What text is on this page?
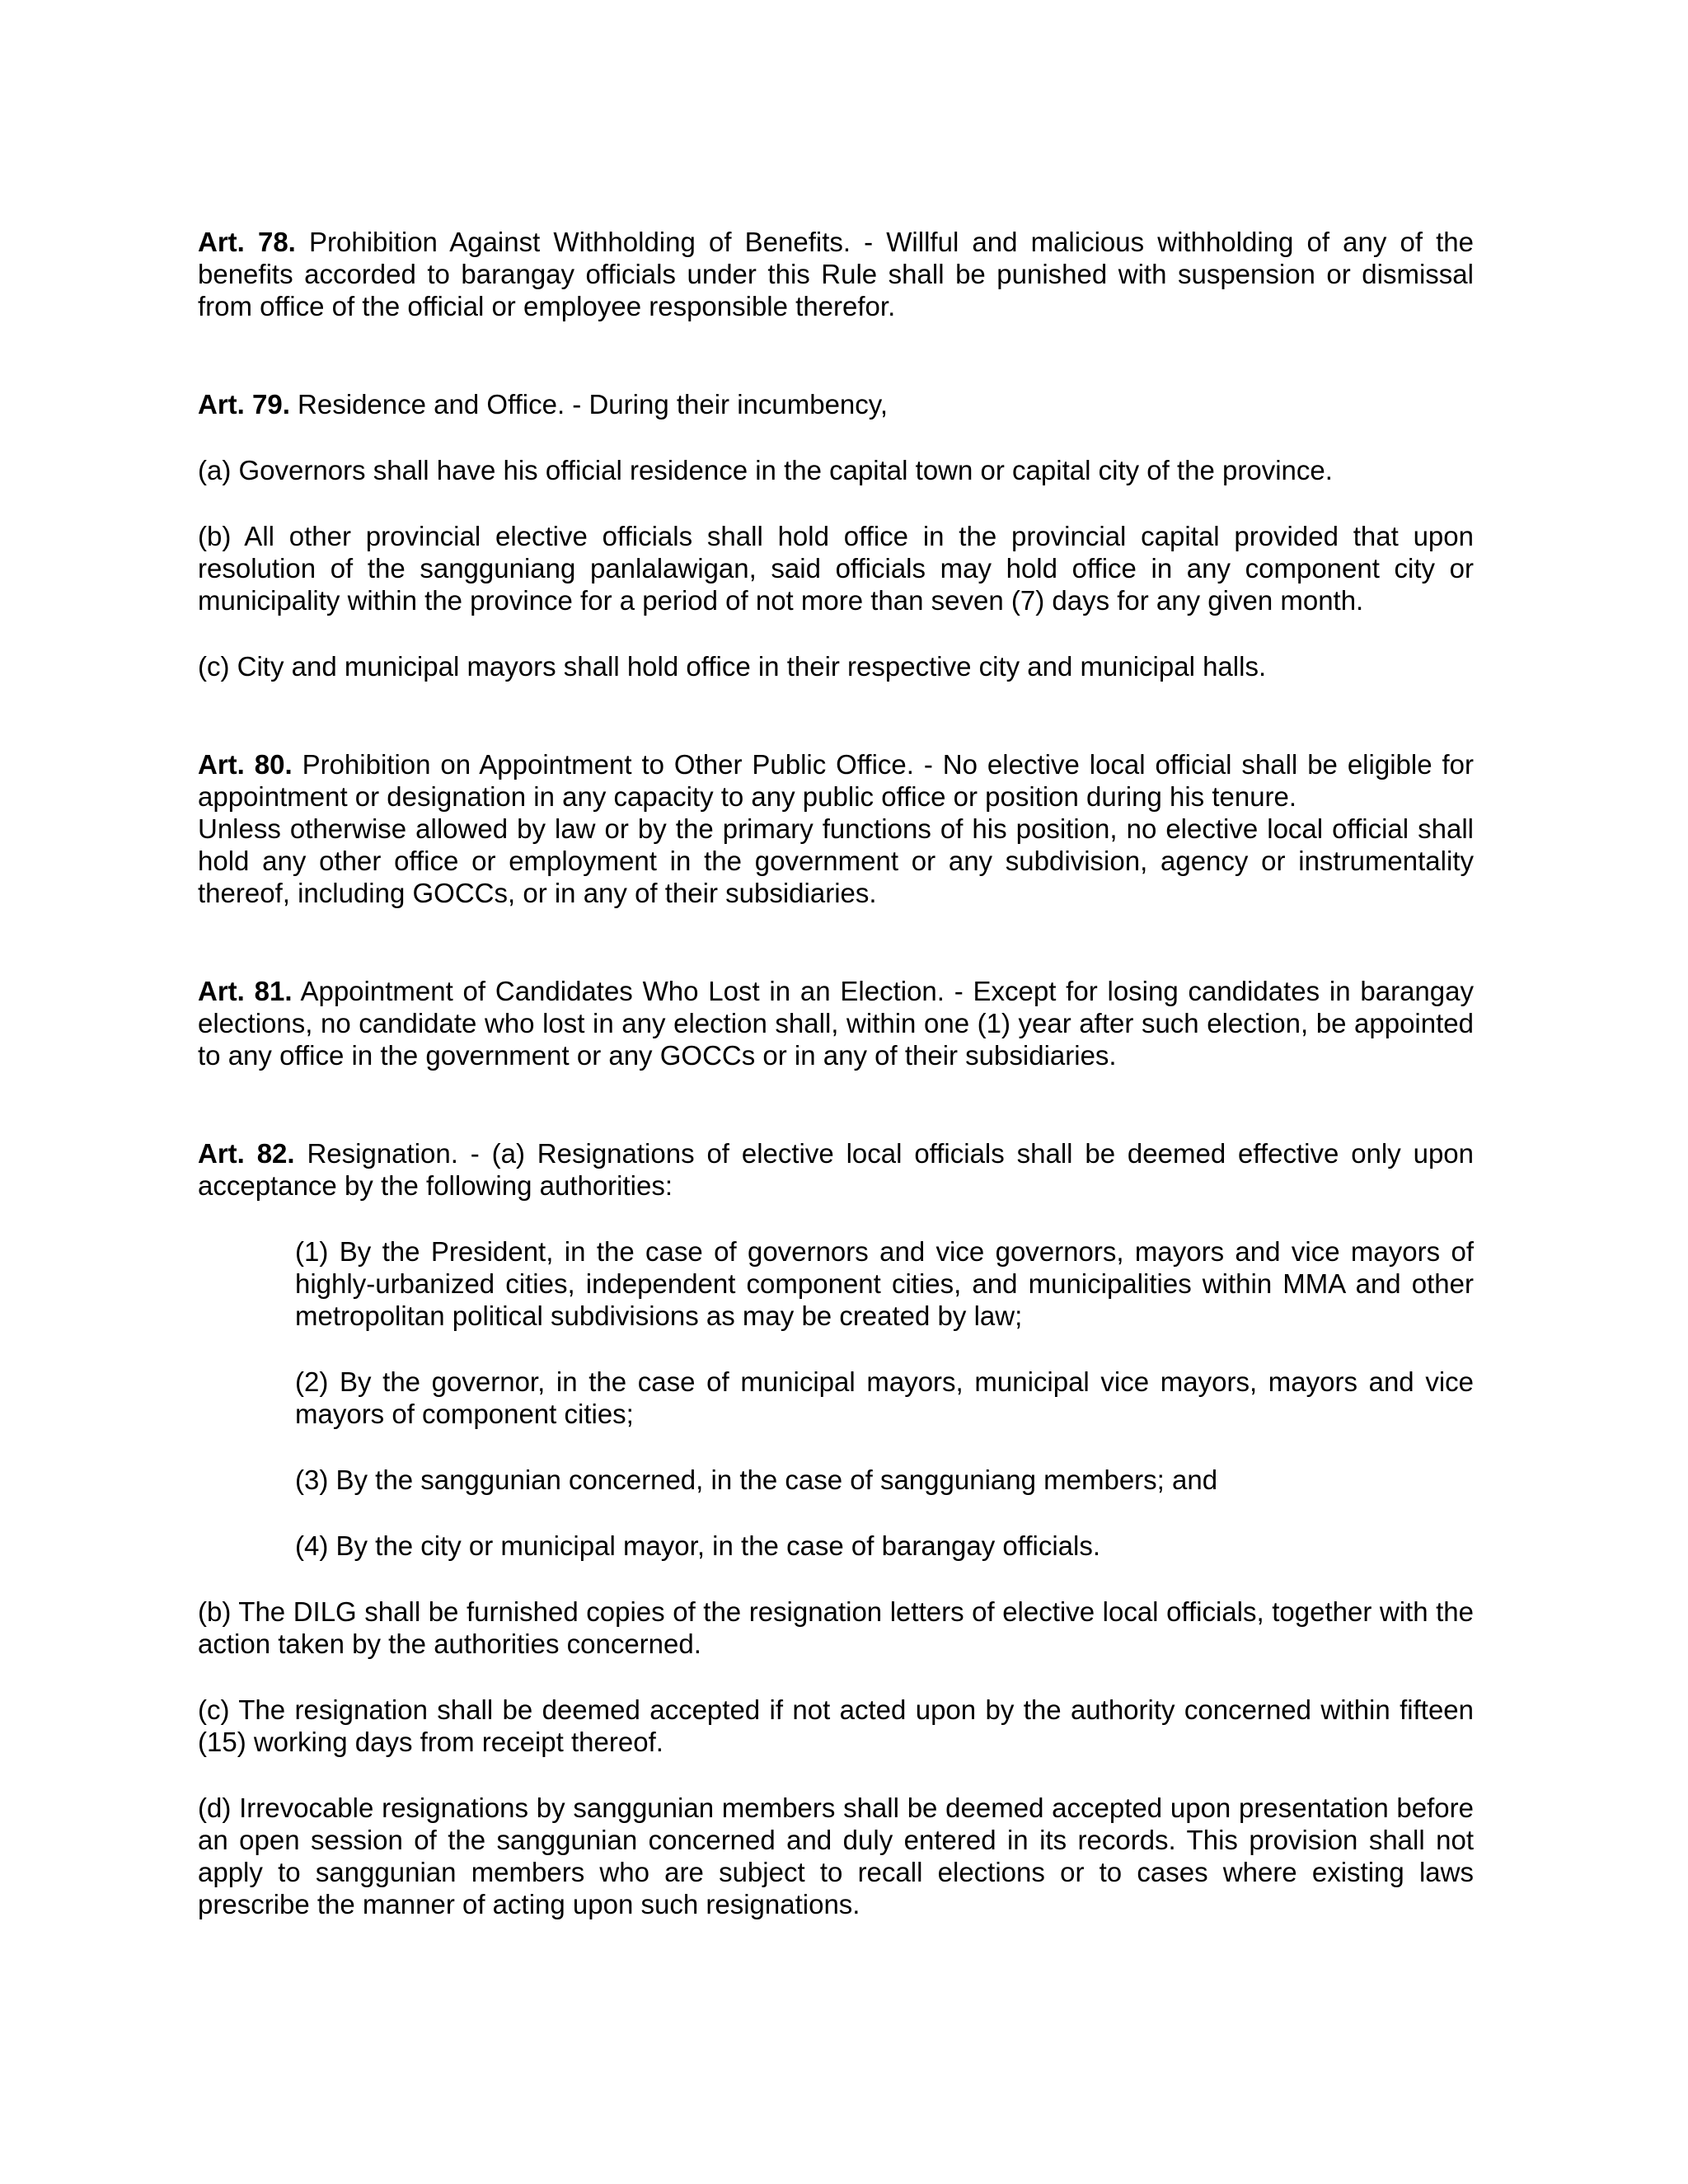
Art. 78. Prohibition Against Withholding of Benefits. - Willful and malicious withholding of any of the benefits accorded to barangay officials under this Rule shall be punished with suspension or dismissal from office of the official or employee responsible therefor.

Art. 79. Residence and Office. - During their incumbency,

(a) Governors shall have his official residence in the capital town or capital city of the province.

(b) All other provincial elective officials shall hold office in the provincial capital provided that upon resolution of the sangguniang panlalawigan, said officials may hold office in any component city or municipality within the province for a period of not more than seven (7) days for any given month.

(c) City and municipal mayors shall hold office in their respective city and municipal halls.

Art. 80. Prohibition on Appointment to Other Public Office. - No elective local official shall be eligible for appointment or designation in any capacity to any public office or position during his tenure.

Unless otherwise allowed by law or by the primary functions of his position, no elective local official shall hold any other office or employment in the government or any subdivision, agency or instrumentality thereof, including GOCCs, or in any of their subsidiaries.

Art. 81. Appointment of Candidates Who Lost in an Election. - Except for losing candidates in barangay elections, no candidate who lost in any election shall, within one (1) year after such election, be appointed to any office in the government or any GOCCs or in any of their subsidiaries.

Art. 82. Resignation. - (a) Resignations of elective local officials shall be deemed effective only upon acceptance by the following authorities:

(1) By the President, in the case of governors and vice governors, mayors and vice mayors of highly-urbanized cities, independent component cities, and municipalities within MMA and other metropolitan political subdivisions as may be created by law;

(2) By the governor, in the case of municipal mayors, municipal vice mayors, mayors and vice mayors of component cities;

(3) By the sanggunian concerned, in the case of sangguniang members; and

(4) By the city or municipal mayor, in the case of barangay officials.

(b) The DILG shall be furnished copies of the resignation letters of elective local officials, together with the action taken by the authorities concerned.

(c) The resignation shall be deemed accepted if not acted upon by the authority concerned within fifteen (15) working days from receipt thereof.

(d) Irrevocable resignations by sanggunian members shall be deemed accepted upon presentation before an open session of the sanggunian concerned and duly entered in its records. This provision shall not apply to sanggunian members who are subject to recall elections or to cases where existing laws prescribe the manner of acting upon such resignations.
